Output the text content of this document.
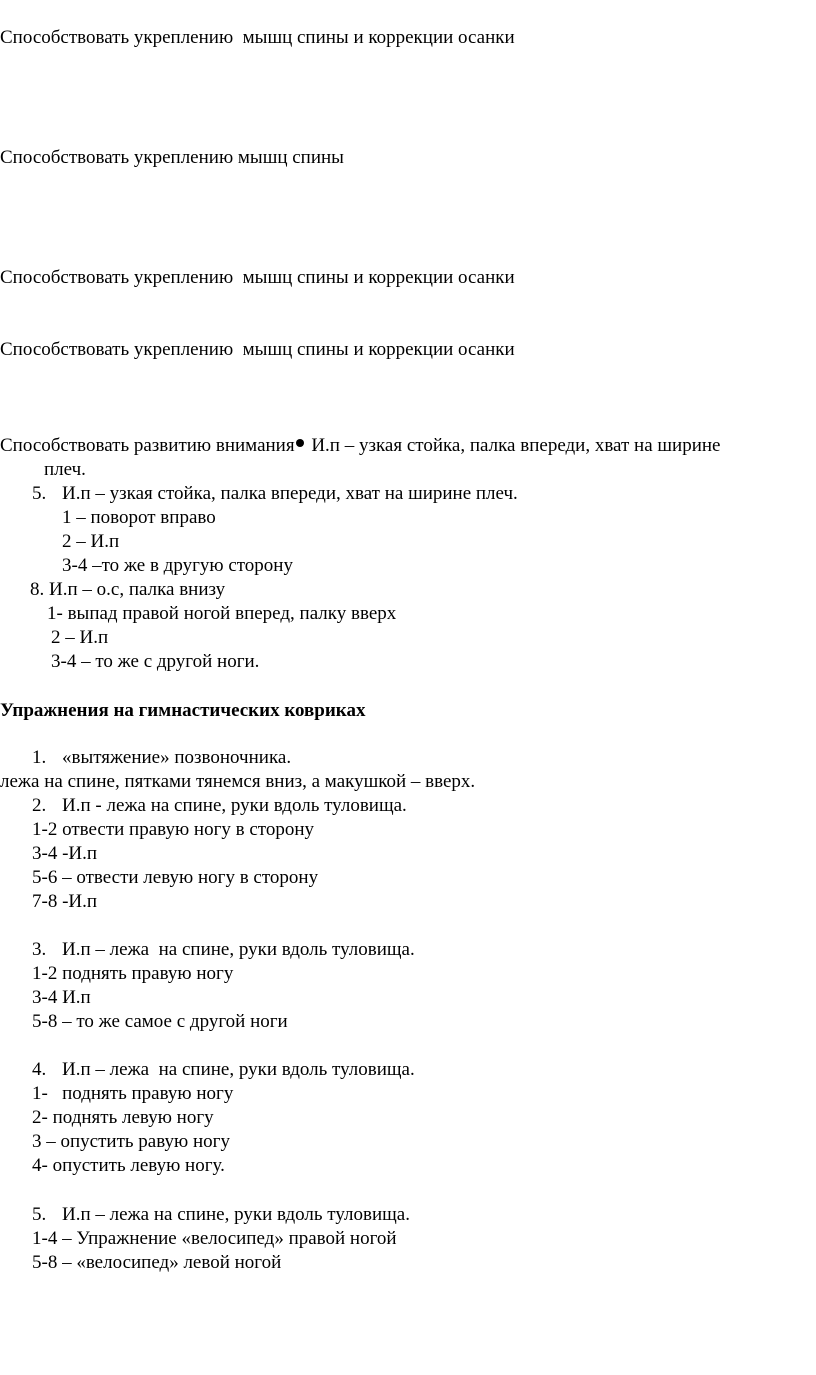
Способствовать укреплению  мышц спины и коррекции осанки
Способствовать укреплению мышц спины
Способствовать укреплению  мышц спины и коррекции осанки
Способствовать укреплению  мышц спины и коррекции осанки
Способствовать развитию внимания И.п – узкая стойка, палка впереди, хват на ширине
плеч.
5. И.п – узкая стойка, палка впереди, хват на ширине плеч.
1 – поворот вправо
2 – И.п
3-4 –то же в другую сторону
8. И.п – о.с, палка внизу
1- выпад правой ногой вперед, палку вверх
2 – И.п
3-4 – то же с другой ноги.
Упражнения на гимнастических ковриках
1. «вытяжение» позвоночника.
лежа на спине, пятками тянемся вниз, а макушкой – вверх.
2. И.п - лежа на спине, руки вдоль туловища.
1-2 отвести правую ногу в сторону
3-4 -И.п
5-6 – отвести левую ногу в сторону
7-8 -И.п
3. И.п – лежа  на спине, руки вдоль туловища.
1-2 поднять правую ногу
3-4 И.п
5-8 – то же самое с другой ноги
4. И.п – лежа  на спине, руки вдоль туловища.
1-   поднять правую ногу
2- поднять левую ногу
3 – опустить равую ногу
4- опустить левую ногу.
5. И.п – лежа на спине, руки вдоль туловища.
1-4 – Упражнение «велосипед» правой ногой
5-8 – «велосипед» левой ногой
